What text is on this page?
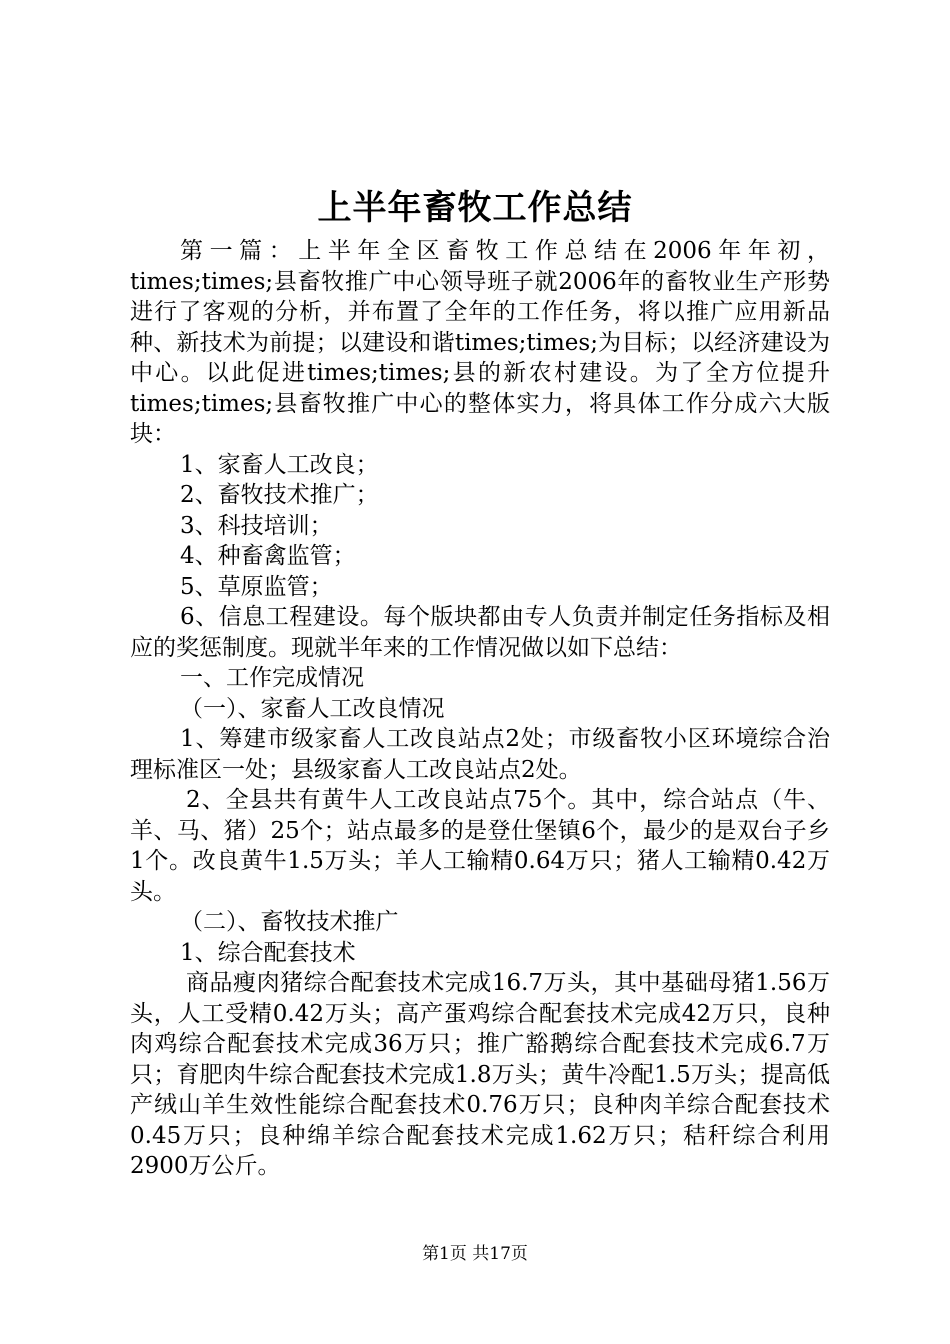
上半年畜牧工作总结

第一篇：上半年全区畜牧工作总结在2006年年初，times;times;县畜牧推广中心领导班子就2006年的畜牧业生产形势进行了客观的分析，并布置了全年的工作任务，将以推广应用新品种、新技术为前提；以建设和谐times;times;为目标；以经济建设为中心。以此促进times;times;县的新农村建设。为了全方位提升times;times;县畜牧推广中心的整体实力，将具体工作分成六大版块：

1、家畜人工改良；

2、畜牧技术推广；

3、科技培训；

4、种畜禽监管；

5、草原监管；

6、信息工程建设。每个版块都由专人负责并制定任务指标及相应的奖惩制度。现就半年来的工作情况做以如下总结：

一、工作完成情况

（一）、家畜人工改良情况

1、筹建市级家畜人工改良站点2处；市级畜牧小区环境综合治理标准区一处；县级家畜人工改良站点2处。

2、全县共有黄牛人工改良站点75个。其中，综合站点（牛、羊、马、猪）25个；站点最多的是登仕堡镇6个，最少的是双台子乡1个。改良黄牛1.5万头；羊人工输精0.64万只；猪人工输精0.42万头。

（二）、畜牧技术推广

1、综合配套技术

商品瘦肉猪综合配套技术完成16.7万头，其中基础母猪1.56万头，人工受精0.42万头；高产蛋鸡综合配套技术完成42万只，良种肉鸡综合配套技术完成36万只；推广豁鹅综合配套技术完成6.7万只；育肥肉牛综合配套技术完成1.8万头；黄牛冷配1.5万头；提高低产绒山羊生效性能综合配套技术0.76万只；良种肉羊综合配套技术0.45万只；良种绵羊综合配套技术完成1.62万只；秸秆综合利用2900万公斤。

第1页 共17页
